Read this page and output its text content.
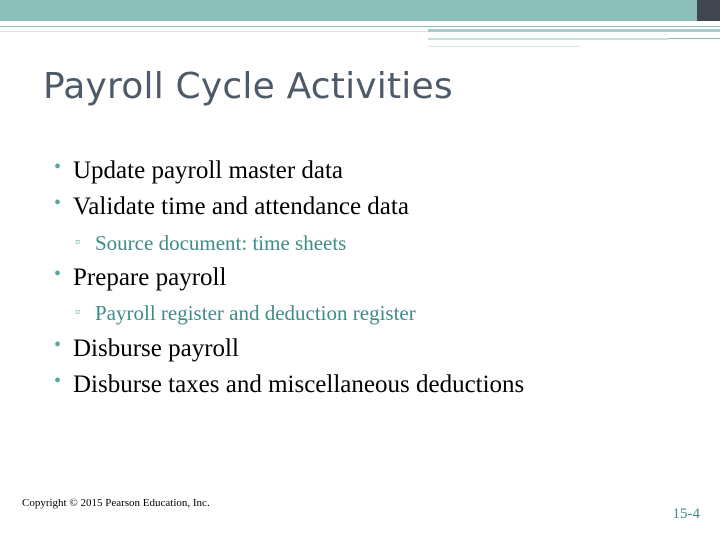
Payroll Cycle Activities
• Update payroll master data
• Validate time and attendance data
▫ Source document: time sheets
• Prepare payroll
▫ Payroll register and deduction register
• Disburse payroll
• Disburse taxes and miscellaneous deductions

Copyright © 2015 Pearson Education, Inc.

15-4
